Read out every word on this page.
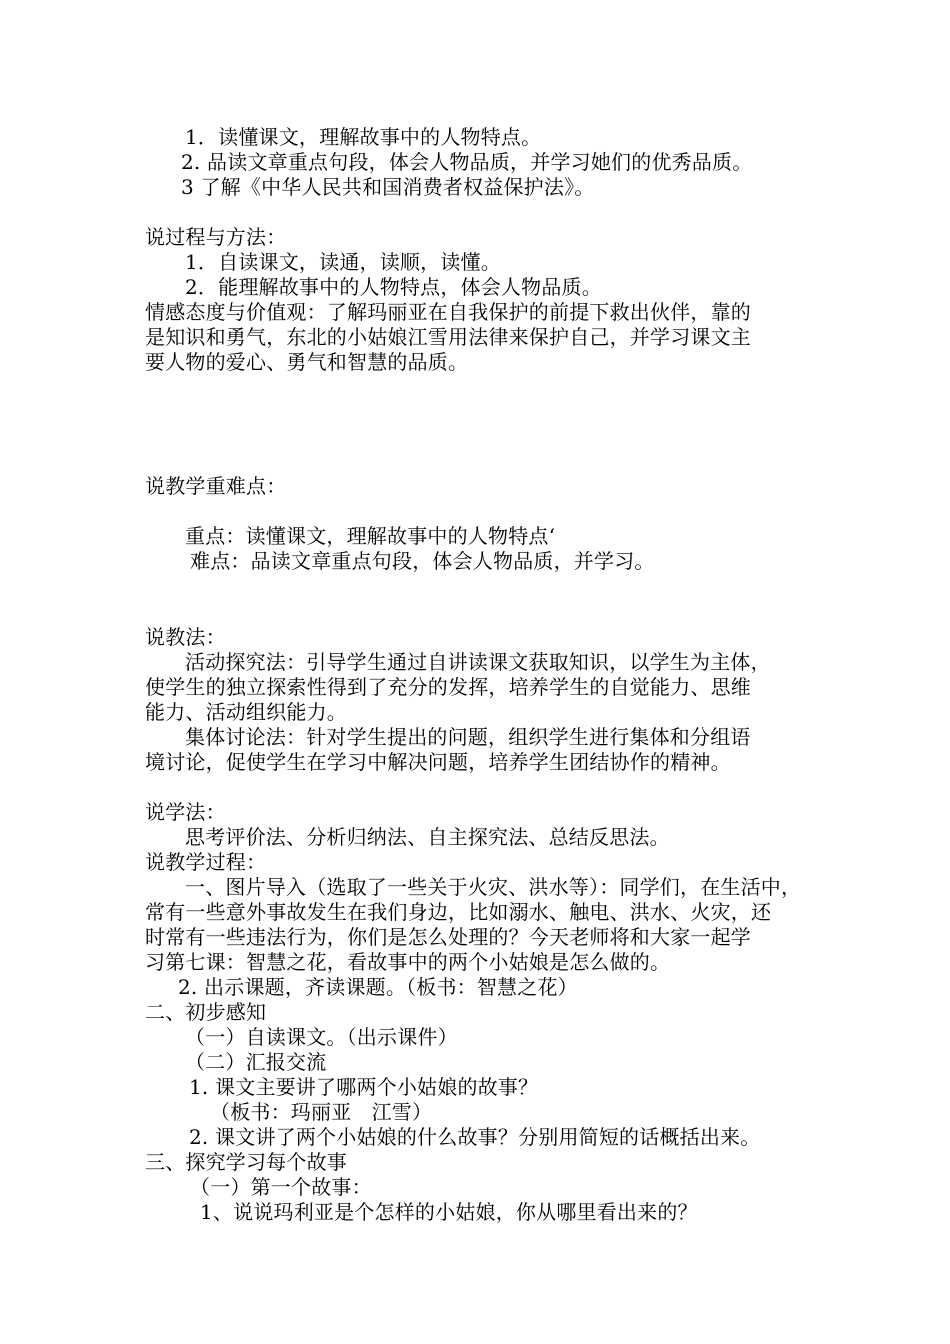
1．读懂课文，理解故事中的人物特点。

2. 品读文章重点句段，体会人物品质，并学习她们的优秀品质。

3 了解《中华人民共和国消费者权益保护法》。

说过程与方法：

1．自读课文，读通，读顺，读懂。

2．能理解故事中的人物特点，体会人物品质。

情感态度与价值观：了解玛丽亚在自我保护的前提下救出伙伴，靠的

是知识和勇气，东北的小姑娘江雪用法律来保护自己，并学习课文主

要人物的爱心、勇气和智慧的品质。

说教学重难点：

重点：读懂课文，理解故事中的人物特点‘

难点：品读文章重点句段，体会人物品质，并学习。

说教法：

活动探究法：引导学生通过自讲读课文获取知识，以学生为主体，

使学生的独立探索性得到了充分的发挥，培养学生的自觉能力、思维

能力、活动组织能力。

集体讨论法：针对学生提出的问题，组织学生进行集体和分组语

境讨论，促使学生在学习中解决问题，培养学生团结协作的精神。

说学法：

思考评价法、分析归纳法、自主探究法、总结反思法。

说教学过程：

一、图片导入（选取了一些关于火灾、洪水等）：同学们，在生活中，

常有一些意外事故发生在我们身边，比如溺水、触电、洪水、火灾，还

时常有一些违法行为，你们是怎么处理的？今天老师将和大家一起学

习第七课：智慧之花，看故事中的两个小姑娘是怎么做的。

2. 出示课题，齐读课题。（板书：智慧之花）

二、初步感知

（一）自读课文。（出示课件）

（二）汇报交流

1. 课文主要讲了哪两个小姑娘的故事？

（板书：玛丽亚　江雪）

2. 课文讲了两个小姑娘的什么故事？分别用简短的话概括出来。

三、探究学习每个故事

（一）第一个故事：

1、说说玛利亚是个怎样的小姑娘，你从哪里看出来的？
